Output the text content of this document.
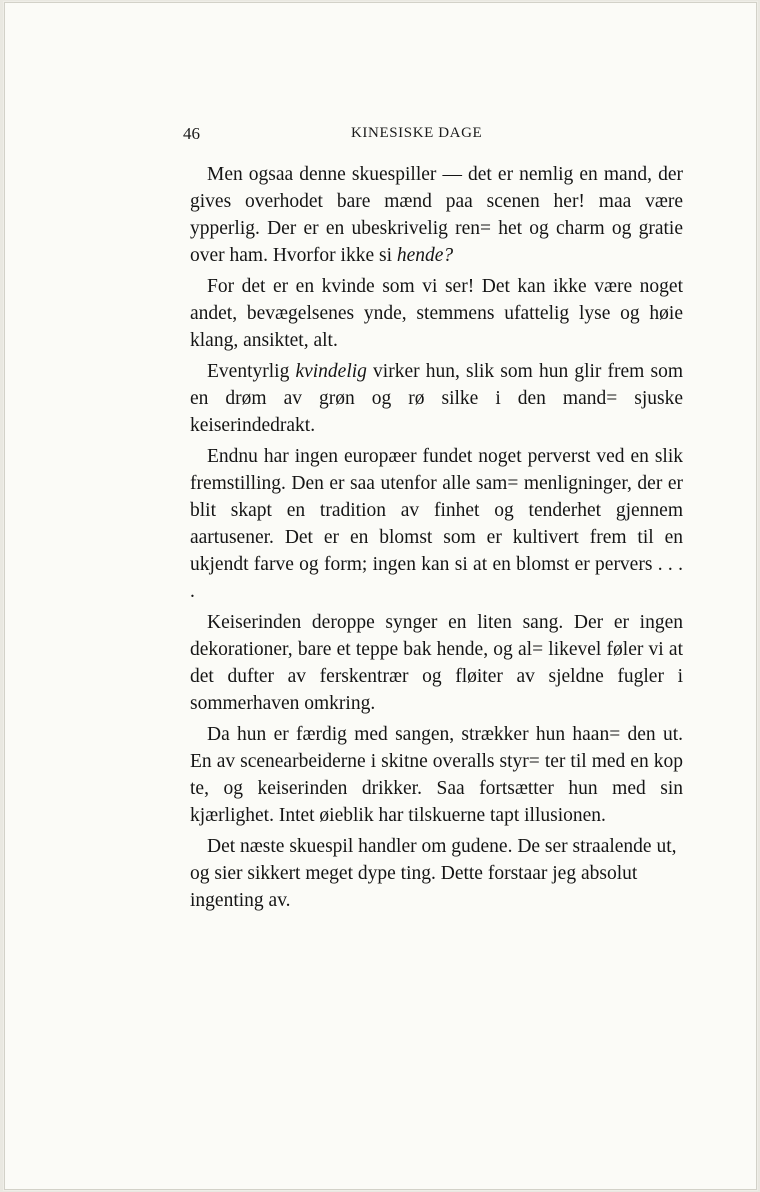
46	KINESISKE DAGE

Men ogsaa denne skuespiller — det er nemlig en mand, der gives overhodet bare mænd paa scenen her! maa være ypperlig. Der er en ubeskrivelig ren= het og charm og gratie over ham. Hvorfor ikke si hende?

For det er en kvinde som vi ser! Det kan ikke være noget andet, bevægelsenes ynde, stemmens ufattelig lyse og høie klang, ansiktet, alt.

Eventyrlig kvindelig virker hun, slik som hun glir frem som en drøm av grøn og rø silke i den mand= sjuske keiserindedrakt.

Endnu har ingen europæer fundet noget perverst ved en slik fremstilling. Den er saa utenfor alle sam= menligninger, der er blit skapt en tradition av finhet og tenderhet gjennem aartusener. Det er en blomst som er kultivert frem til en ukjendt farve og form; ingen kan si at en blomst er pervers . . . .

Keiserinden deroppe synger en liten sang. Der er ingen dekorationer, bare et teppe bak hende, og al= likevel føler vi at det dufter av ferskentrær og fløiter av sjeldne fugler i sommerhaven omkring.

Da hun er færdig med sangen, strækker hun haan= den ut. En av scenearbeiderne i skitne overalls styr= ter til med en kop te, og keiserinden drikker. Saa fortsætter hun med sin kjærlighet. Intet øieblik har tilskuerne tapt illusionen.

Det næste skuespil handler om gudene. De ser straalende ut, og sier sikkert meget dype ting. Dette forstaar jeg absolut ingenting av.
